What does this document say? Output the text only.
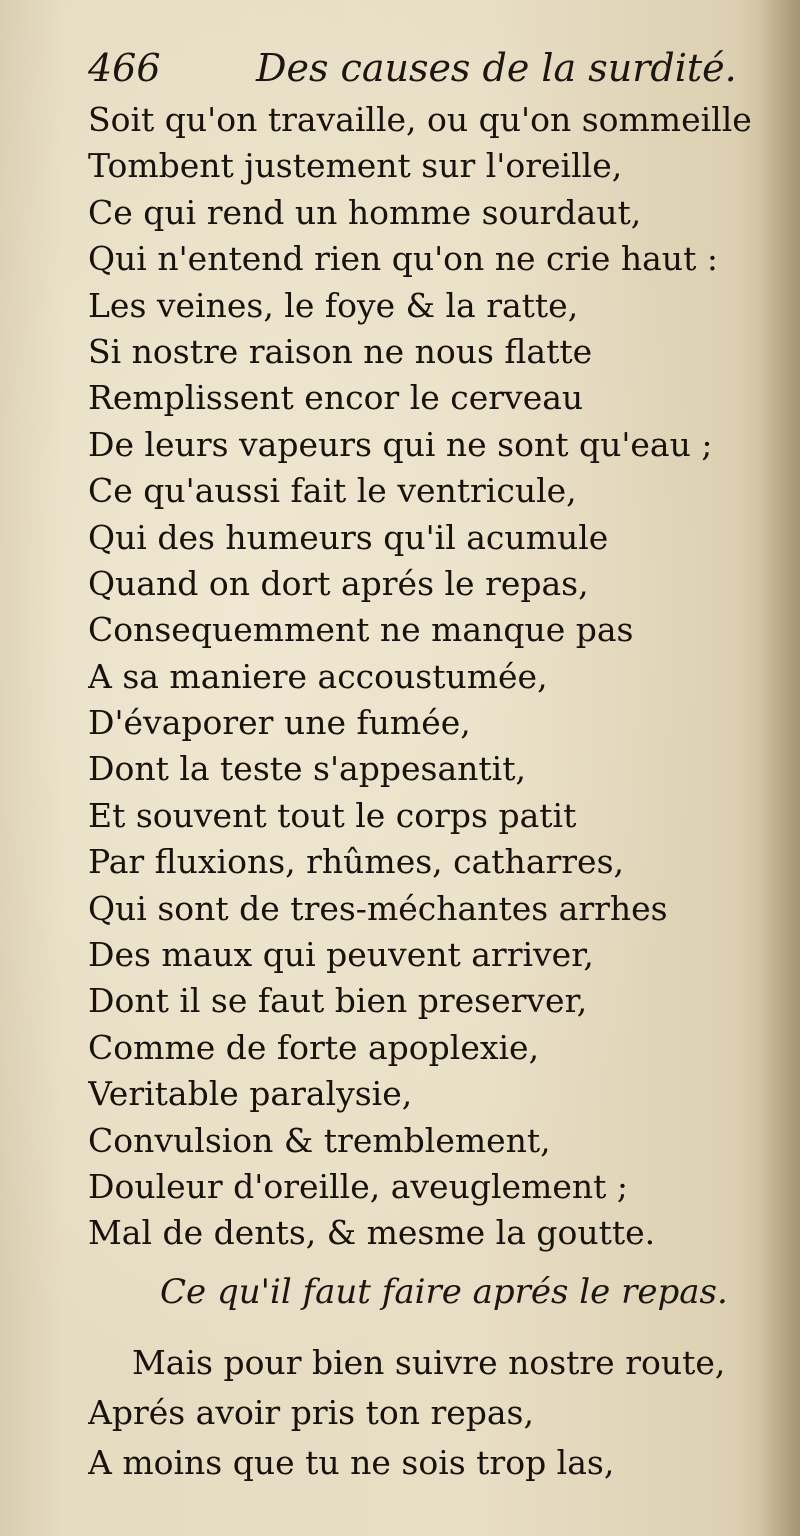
466	Des causes de la surdité.
Soit qu'on travaille, ou qu'on sommeille
Tombent justement sur l'oreille,
Ce qui rend un homme sourdaut,
Qui n'entend rien qu'on ne crie haut :
Les veines, le foye & la ratte,
Si nostre raison ne nous flatte
Remplissent encor le cerveau
De leurs vapeurs qui ne sont qu'eau ;
Ce qu'aussi fait le ventricule,
Qui des humeurs qu'il acumule
Quand on dort aprés le repas,
Consequemment ne manque pas
A sa maniere accoustumée,
D'évaporer une fumée,
Dont la teste s'appesantit,
Et souvent tout le corps patit
Par fluxions, rhûmes, catharres,
Qui sont de tres-méchantes arrhes
Des maux qui peuvent arriver,
Dont il se faut bien preserver,
Comme de forte apoplexie,
Veritable paralysie,
Convulsion & tremblement,
Douleur d'oreille, aveuglement ;
Mal de dents, & mesme la goutte.
Ce qu'il faut faire aprés le repas.
Mais pour bien suivre nostre route,
Aprés avoir pris ton repas,
A moins que tu ne sois trop las,
